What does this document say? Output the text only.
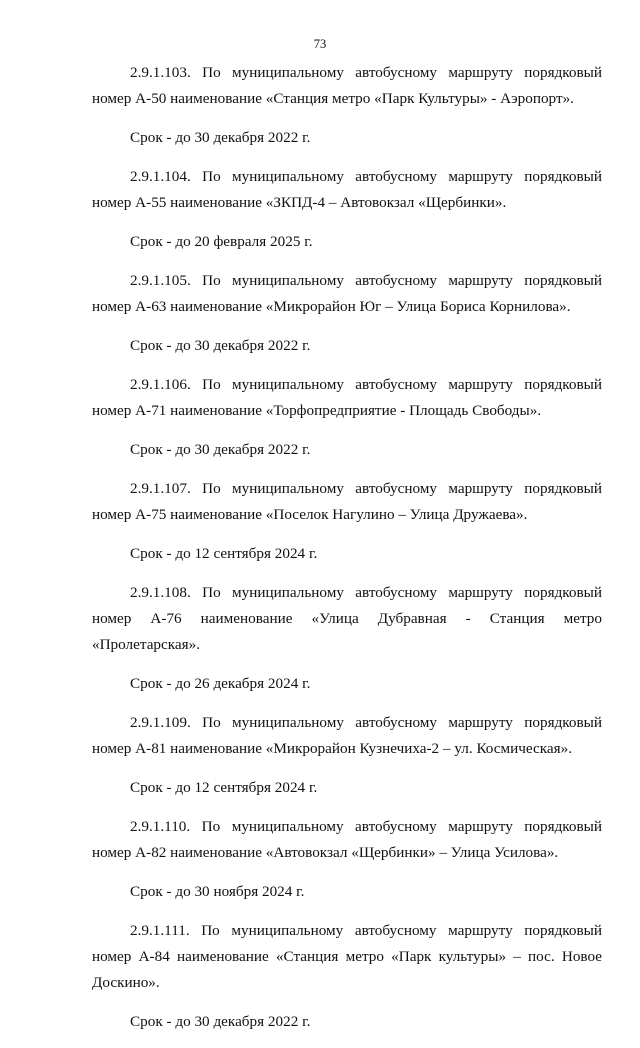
73

2.9.1.103. По муниципальному автобусному маршруту порядковый номер А-50 наименование «Станция метро «Парк Культуры» - Аэропорт».

Срок - до 30 декабря 2022 г.

2.9.1.104. По муниципальному автобусному маршруту порядковый номер А-55 наименование «ЗКПД-4 – Автовокзал «Щербинки».

Срок - до 20 февраля 2025 г.

2.9.1.105. По муниципальному автобусному маршруту порядковый номер А-63 наименование «Микрорайон Юг – Улица Бориса Корнилова».

Срок - до 30 декабря 2022 г.

2.9.1.106. По муниципальному автобусному маршруту порядковый номер А-71 наименование «Торфопредприятие - Площадь Свободы».

Срок - до 30 декабря 2022 г.

2.9.1.107. По муниципальному автобусному маршруту порядковый номер А-75 наименование «Поселок Нагулино – Улица Дружаева».

Срок - до 12 сентября 2024 г.

2.9.1.108. По муниципальному автобусному маршруту порядковый номер А-76 наименование «Улица Дубравная - Станция метро «Пролетарская».

Срок - до 26 декабря 2024 г.

2.9.1.109. По муниципальному автобусному маршруту порядковый номер А-81 наименование «Микрорайон Кузнечиха-2 – ул. Космическая».

Срок - до 12 сентября 2024 г.

2.9.1.110. По муниципальному автобусному маршруту порядковый номер А-82 наименование «Автовокзал «Щербинки» – Улица Усилова».

Срок - до 30 ноября 2024 г.

2.9.1.111. По муниципальному автобусному маршруту порядковый номер А-84 наименование «Станция метро «Парк культуры» – пос. Новое Доскино».

Срок - до 30 декабря 2022 г.
